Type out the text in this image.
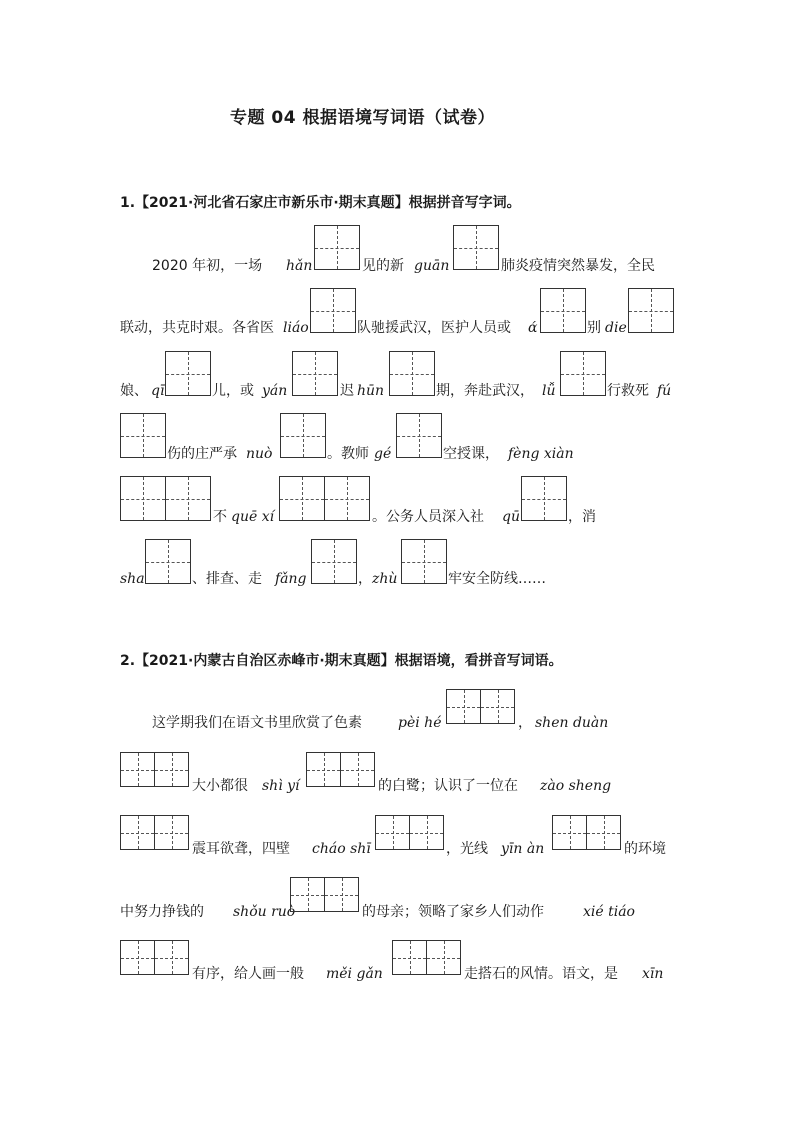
专题 04 根据语境写词语（试卷）
1.【2021·河北省石家庄市新乐市·期末真题】根据拼音写字词。
2020 年初，一场 hǎn	见的新 guān	肺炎疫情突然暴发，全民
联动，共克时艰。各省医 liáo	队驰援武汉，医护人员或 ɑ́	别 die
娘、 qī	儿，或 yán	迟 hūn	期，奔赴武汉， lǚ	行救死 fú
伤的庄严承 nuò	。教师 gé	空授课， fèng xiàn
不 quē xí	。公务人员深入社 qū	，消
sha	、排查、走 fǎng	， zhù	牢安全防线……
2.【2021·内蒙古自治区赤峰市·期末真题】根据语境，看拼音写词语。
这学期我们在语文书里欣赏了色素	pèi hé	， shen duàn
大小都很 shì yí	的白鹭；认识了一位在 zào sheng
震耳欲聋，四壁 cháo shī	，光线 yīn àn	的环境
中努力挣钱的 shǒu ruò	的母亲；领略了家乡人们动作	xié tiáo
有序，给人画一般 měi gǎn	走搭石的风情。语文，是 xīn
